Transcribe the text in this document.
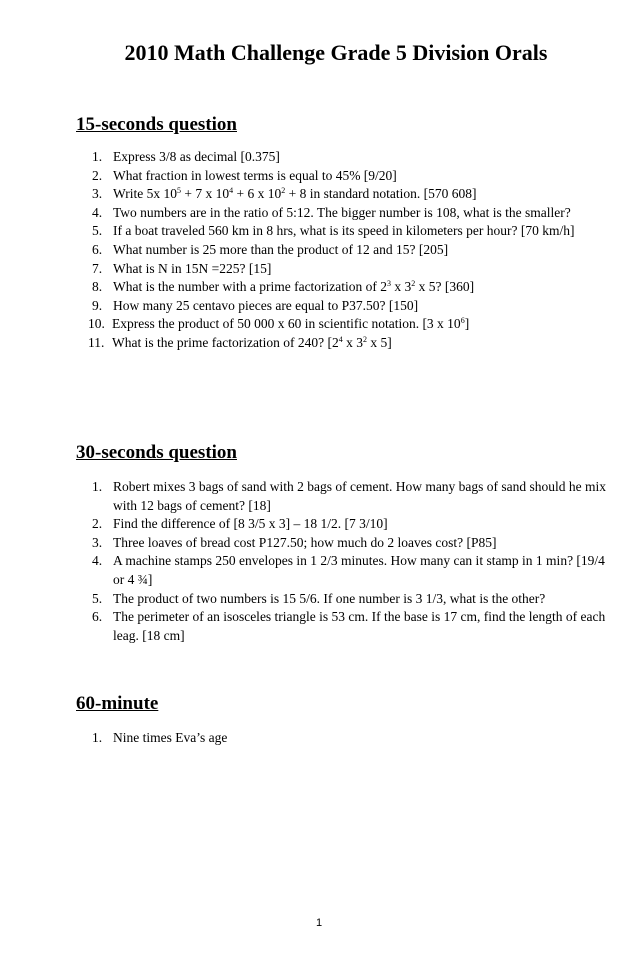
2010 Math Challenge Grade 5 Division Orals
15-seconds question
1. Express 3/8 as decimal [0.375]
2. What fraction in lowest terms is equal to 45% [9/20]
3. Write 5x $10^5 + 7$ x $10^4 + 6$ x $10^2 + 8$ in standard notation. [570 608]
4. Two numbers are in the ratio of 5:12. The bigger number is 108, what is the smaller?
5. If a boat traveled 560 km in 8 hrs, what is its speed in kilometers per hour? [70 km/h]
6. What number is 25 more than the product of 12 and 15? [205]
7. What is N in 15N =225? [15]
8. What is the number with a prime factorization of $2^3$ x $3^2$ x 5? [360]
9. How many 25 centavo pieces are equal to P37.50? [150]
10. Express the product of 50 000 x 60 in scientific notation. [3 x $10^6$]
11. What is the prime factorization of 240? [$2^4$ x $3^2$ x 5]
30-seconds question
1. Robert mixes 3 bags of sand with 2 bags of cement. How many bags of sand should he mix with 12 bags of cement? [18]
2. Find the difference of [8 3/5 x 3] – 18 1/2. [7 3/10]
3. Three loaves of bread cost P127.50; how much do 2 loaves cost? [P85]
4. A machine stamps 250 envelopes in 1 2/3 minutes. How many can it stamp in 1 min? [19/4 or 4 ¾]
5. The product of two numbers is 15 5/6. If one number is 3 1/3, what is the other?
6. The perimeter of an isosceles triangle is 53 cm. If the base is 17 cm, find the length of each leag. [18 cm]
60-minute
1. Nine times Eva’s age
1
